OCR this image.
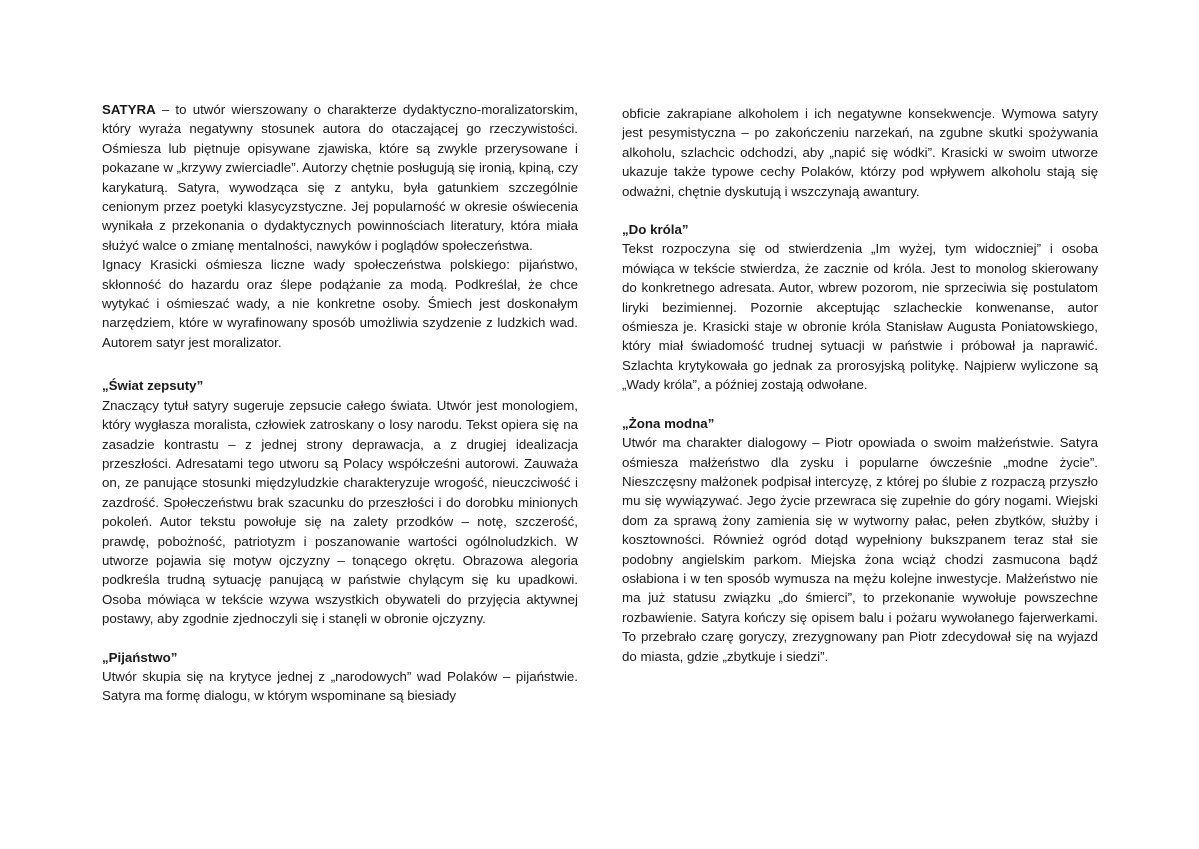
SATYRA – to utwór wierszowany o charakterze dydaktyczno-moralizatorskim, który wyraża negatywny stosunek autora do otaczającej go rzeczywistości. Ośmiesza lub piętnuje opisywane zjawiska, które są zwykle przerysowane i pokazane w „krzywy zwierciadle”. Autorzy chętnie posługują się ironią, kpiną, czy karykaturą. Satyra, wywodząca się z antyku, była gatunkiem szczególnie cenionym przez poetyki klasycyzstyczne. Jej popularność w okresie oświecenia wynikała z przekonania o dydaktycznych powinnościach literatury, która miała służyć walce o zmianę mentalności, nawyków i poglądów społeczeństwa.

Ignacy Krasicki ośmiesza liczne wady społeczeństwa polskiego: pijaństwo, skłonność do hazardu oraz ślepe podążanie za modą. Podkreślał, że chce wytykać i ośmieszać wady, a nie konkretne osoby. Śmiech jest doskonałym narzędziem, które w wyrafinowany sposób umożliwia szydzenie z ludzkich wad. Autorem satyr jest moralizator.

„Świat zepsuty”

Znaczący tytuł satyry sugeruje zepsucie całego świata. Utwór jest monologiem, który wygłasza moralista, człowiek zatroskany o losy narodu. Tekst opiera się na zasadzie kontrastu – z jednej strony deprawacja, a z drugiej idealizacja przeszłości. Adresatami tego utworu są Polacy współcześni autorowi. Zauważa on, ze panujące stosunki międzyludzkie charakteryzuje wrogość, nieuczciwość i zazdrość. Społeczeństwu brak szacunku do przeszłości i do dorobku minionych pokoleń. Autor tekstu powołuje się na zalety przodków – notę, szczerość, prawdę, pobożność, patriotyzm i poszanowanie wartości ogólnoludzkich. W utworze pojawia się motyw ojczyzny – tonącego okrętu. Obrazowa alegoria podkreśla trudną sytuację panującą w państwie chylącym się ku upadkowi. Osoba mówiąca w tekście wzywa wszystkich obywateli do przyjęcia aktywnej postawy, aby zgodnie zjednoczyli się i stanęli w obronie ojczyzny.

„Pijaństwo”

Utwór skupia się na krytyce jednej z „narodowych” wad Polaków – pijaństwie. Satyra ma formę dialogu, w którym wspominane są biesiady

obficie zakrapiane alkoholem i ich negatywne konsekwencje. Wymowa satyry jest pesymistyczna – po zakończeniu narzekań, na zgubne skutki spożywania alkoholu, szlachcic odchodzi, aby „napić się wódki”. Krasicki w swoim utworze ukazuje także typowe cechy Polaków, którzy pod wpływem alkoholu stają się odważni, chętnie dyskutują i wszczynają awantury.

„Do króla”

Tekst rozpoczyna się od stwierdzenia „Im wyżej, tym widoczniej” i osoba mówiąca w tekście stwierdza, że zacznie od króla. Jest to monolog skierowany do konkretnego adresata. Autor, wbrew pozorom, nie sprzeciwia się postulatom liryki bezimiennej. Pozornie akceptując szlacheckie konwenanse, autor ośmiesza je. Krasicki staje w obronie króla Stanisław Augusta Poniatowskiego, który miał świadomość trudnej sytuacji w państwie i próbował ja naprawić. Szlachta krytykowała go jednak za prorosyjską politykę. Najpierw wyliczone są „Wady króla”, a później zostają odwołane.

„Żona modna”

Utwór ma charakter dialogowy – Piotr opowiada o swoim małżeństwie. Satyra ośmiesza małżeństwo dla zysku i popularne ówcześnie „modne życie”. Nieszczęsny małżonek podpisał intercyzę, z której po ślubie z rozpaczą przyszło mu się wywiązywać. Jego życie przewraca się zupełnie do góry nogami. Wiejski dom za sprawą żony zamienia się w wytworny pałac, pełen zbytków, służby i kosztowności. Również ogród dotąd wypełniony bukszpanem teraz stał sie podobny angielskim parkom. Miejska żona wciąż chodzi zasmucona bądź osłabiona i w ten sposób wymusza na mężu kolejne inwestycje. Małżeństwo nie ma już statusu związku „do śmierci”, to przekonanie wywołuje powszechne rozbawienie. Satyra kończy się opisem balu i pożaru wywołanego fajerwerkami. To przebrało czarę goryczy, zrezygnowany pan Piotr zdecydował się na wyjazd do miasta, gdzie „zbytkuje i siedzi”.
